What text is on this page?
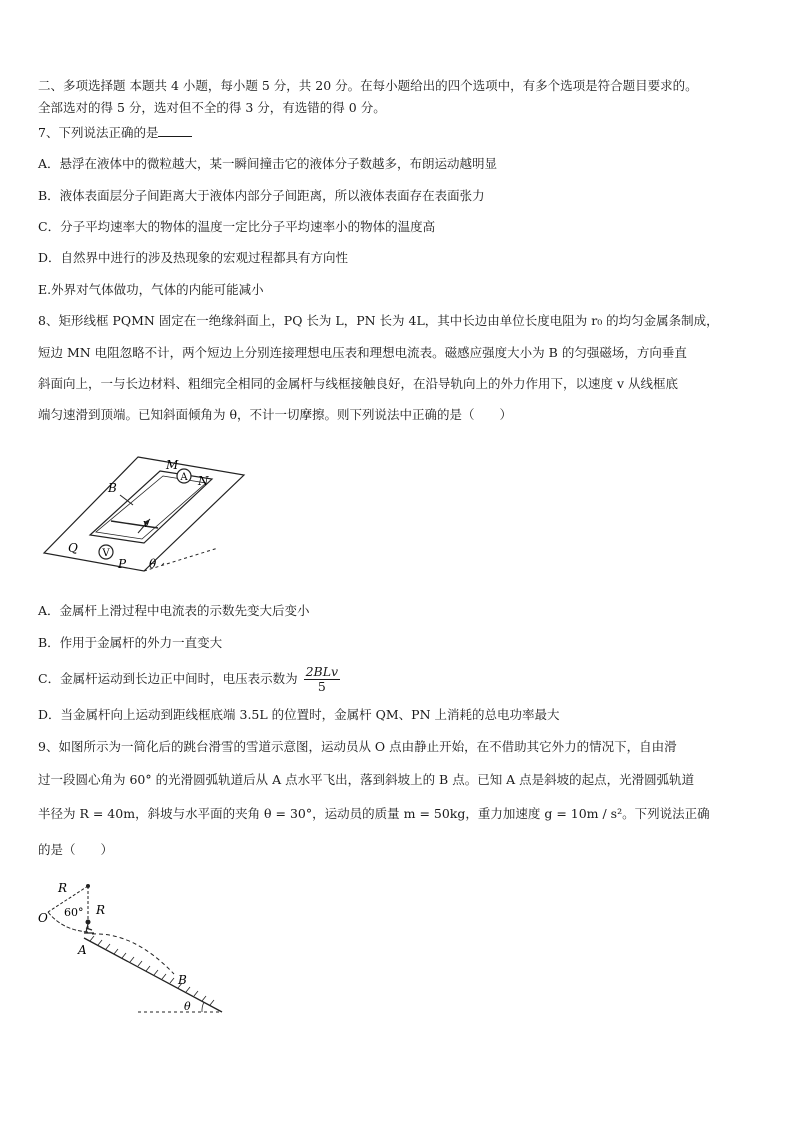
二、多项选择题 本题共 4 小题，每小题 5 分，共 20 分。在每小题给出的四个选项中，有多个选项是符合题目要求的。
全部选对的得 5 分，选对但不全的得 3 分，有选错的得 0 分。
7、下列说法正确的是
A．悬浮在液体中的微粒越大，某一瞬间撞击它的液体分子数越多，布朗运动越明显
B．液体表面层分子间距离大于液体内部分子间距离，所以液体表面存在表面张力
C．分子平均速率大的物体的温度一定比分子平均速率小的物体的温度高
D．自然界中进行的涉及热现象的宏观过程都具有方向性
E.外界对气体做功，气体的内能可能减小
8、矩形线框 PQMN 固定在一绝缘斜面上，PQ 长为 L，PN 长为 4L，其中长边由单位长度电阻为 r₀ 的均匀金属条制成，
短边 MN 电阻忽略不计，两个短边上分别连接理想电压表和理想电流表。磁感应强度大小为 B 的匀强磁场，方向垂直
斜面向上，一与长边材料、粗细完全相同的金属杆与线框接触良好，在沿导轨向上的外力作用下，以速度 v 从线框底
端匀速滑到顶端。已知斜面倾角为 θ，不计一切摩擦。则下列说法中正确的是（　　）
A
V
M
N
Q
P
B
v
θ
A．金属杆上滑过程中电流表的示数先变大后变小
B．作用于金属杆的外力一直变大
C．金属杆运动到长边正中间时，电压表示数为 $\frac{\text{2BLv}}{5}$
D．当金属杆向上运动到距线框底端 3.5L 的位置时，金属杆 QM、PN 上消耗的总电功率最大
9、如图所示为一简化后的跳台滑雪的雪道示意图，运动员从 O 点由静止开始，在不借助其它外力的情况下，自由滑
过一段圆心角为 60° 的光滑圆弧轨道后从 A 点水平飞出，落到斜坡上的 B 点。已知 A 点是斜坡的起点，光滑圆弧轨道
半径为 R = 40m，斜坡与水平面的夹角 θ = 30°，运动员的质量 m = 50kg，重力加速度 g = 10m / s²。下列说法正确
的是（　　）
R
R
60°
O
A
B
θ
